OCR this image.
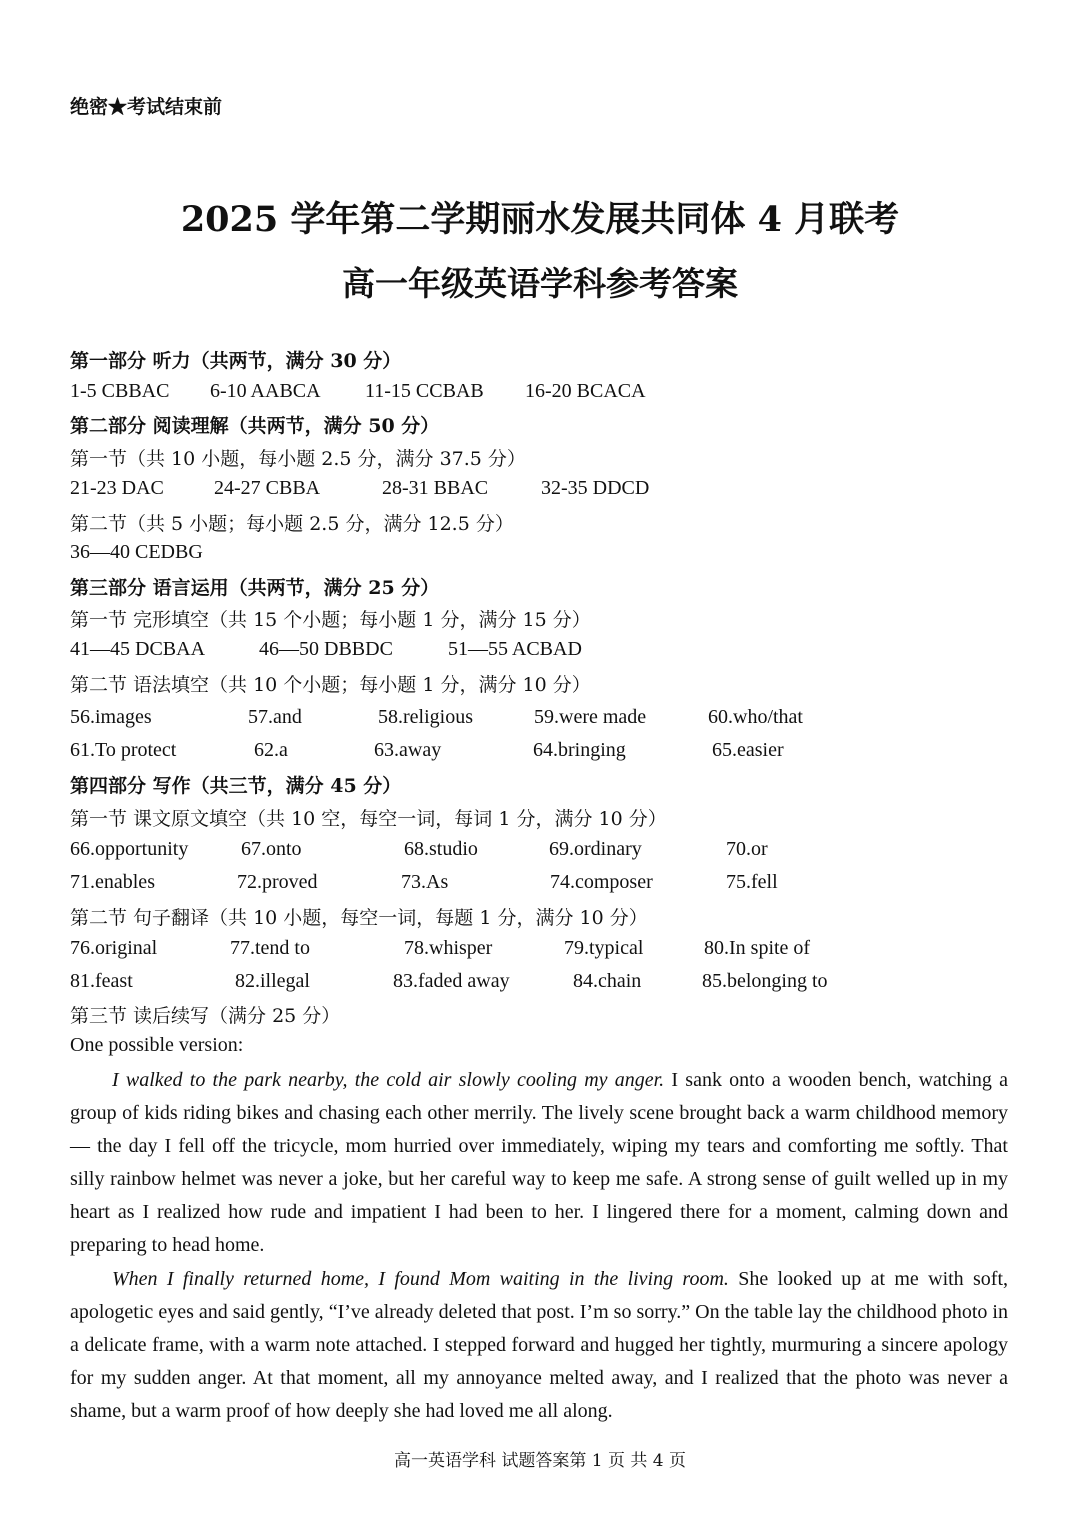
绝密★考试结束前
2025 学年第二学期丽水发展共同体 4 月联考
高一年级英语学科参考答案
第一部分 听力（共两节，满分 30 分）
1-5 CBBAC 6-10 AABCA 11-15 CCBAB 16-20 BCACA
第二部分 阅读理解（共两节，满分 50 分）
第一节（共 10 小题，每小题 2.5 分，满分 37.5 分）
21-23 DAC	24-27 CBBA	28-31 BBAC	32-35 DDCD
第二节（共 5 小题；每小题 2.5 分，满分 12.5 分）
36—40 CEDBG
第三部分 语言运用（共两节，满分 25 分）
第一节 完形填空（共 15 个小题；每小题 1 分，满分 15 分）
41—45 DCBAA	46—50 DBBDC	51—55 ACBAD
第二节 语法填空（共 10 个小题；每小题 1 分，满分 10 分）
56.images	57.and	58.religious	59.were made	60.who/that
61.To protect	62.a	63.away	64.bringing	65.easier
第四部分 写作（共三节，满分 45 分）
第一节 课文原文填空（共 10 空，每空一词，每词 1 分，满分 10 分）
66.opportunity	67.onto	68.studio	69.ordinary	70.or
71.enables	72.proved	73.As	74.composer	75.fell
第二节 句子翻译（共 10 小题，每空一词，每题 1 分，满分 10 分）
76.original	77.tend to	78.whisper	79.typical	80.In spite of
81.feast	82.illegal	83.faded away	84.chain	85.belonging to
第三节 读后续写（满分 25 分）
One possible version:

I walked to the park nearby, the cold air slowly cooling my anger. I sank onto a wooden bench, watching a group of kids riding bikes and chasing each other merrily. The lively scene brought back a warm childhood memory — the day I fell off the tricycle, mom hurried over immediately, wiping my tears and comforting me softly. That silly rainbow helmet was never a joke, but her careful way to keep me safe. A strong sense of guilt welled up in my heart as I realized how rude and impatient I had been to her. I lingered there for a moment, calming down and preparing to head home.

When I finally returned home, I found Mom waiting in the living room. She looked up at me with soft, apologetic eyes and said gently, “I’ve already deleted that post. I’m so sorry.” On the table lay the childhood photo in a delicate frame, with a warm note attached. I stepped forward and hugged her tightly, murmuring a sincere apology for my sudden anger. At that moment, all my annoyance melted away, and I realized that the photo was never a shame, but a warm proof of how deeply she had loved me all along.

高一英语学科 试题答案第 1 页 共 4 页
